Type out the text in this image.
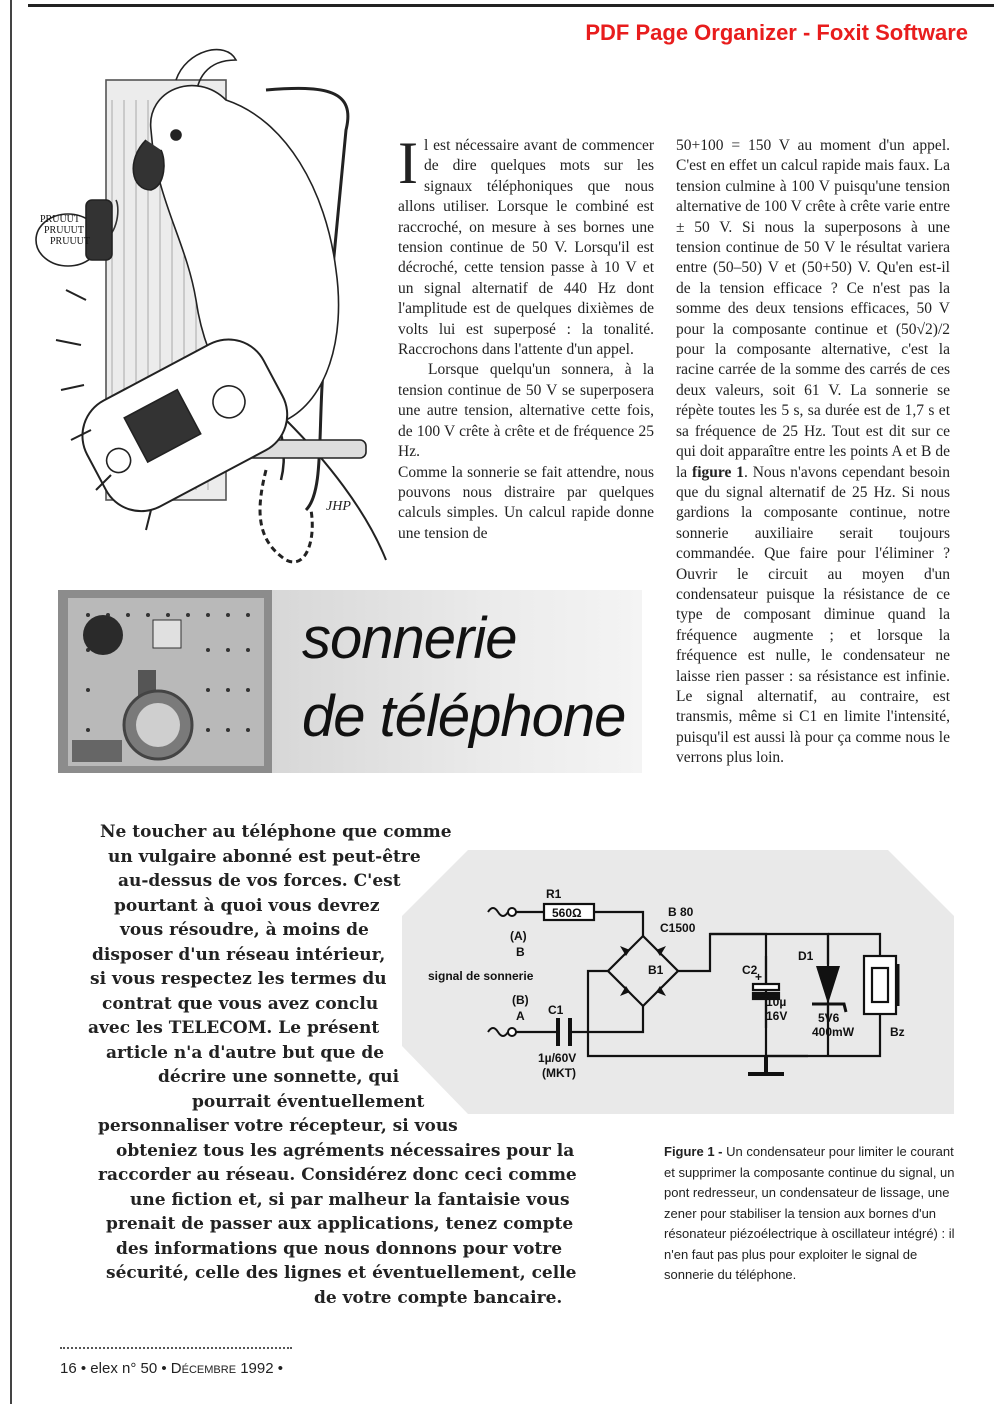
PDF Page Organizer - Foxit Software
PRUUUT
PRUUUT
PRUUUT
JHP
I l est nécessaire avant de commencer de dire quelques mots sur les signaux téléphoniques que nous allons utiliser. Lorsque le combiné est raccroché, on mesure à ses bornes une tension continue de 50 V. Lorsqu'il est décroché, cette tension passe à 10 V et un signal alternatif de 440 Hz dont l'amplitude est de quelques dixièmes de volts lui est superposé : la tonalité. Raccrochons dans l'attente d'un appel.
Lorsque quelqu'un sonnera, à la tension continue de 50 V se superposera une autre tension, alternative cette fois, de 100 V crête à crête et de fréquence 25 Hz.
Comme la sonnerie se fait attendre, nous pouvons nous distraire par quelques calculs simples. Un calcul rapide donne une tension de
50+100 = 150 V au moment d'un appel. C'est en effet un calcul rapide mais faux. La tension culmine à 100 V puisqu'une tension alternative de 100 V crête à crête varie entre ± 50 V. Si nous la superposons à une tension continue de 50 V le résultat variera entre (50–50) V et (50+50) V. Qu'en est-il de la tension efficace ? Ce n'est pas la somme des deux tensions efficaces, 50 V pour la composante continue et (50√2)/2 pour la composante alternative, c'est la racine carrée de la somme des carrés de ces deux valeurs, soit 61 V. La sonnerie se répète toutes les 5 s, sa durée est de 1,7 s et sa fréquence de 25 Hz. Tout est dit sur ce qui doit apparaître entre les points A et B de la figure 1. Nous n'avons cependant besoin que du signal alternatif de 25 Hz. Si nous gardions la composante continue, notre sonnerie auxiliaire serait toujours commandée. Que faire pour l'éliminer ? Ouvrir le circuit au moyen d'un condensateur puisque la résistance de ce type de composant diminue quand la fréquence augmente ; et lorsque la fréquence est nulle, le condensateur ne laisse rien passer : sa résistance est infinie. Le signal alternatif, au contraire, est transmis, même si C1 en limite l'intensité, puisqu'il est aussi là pour ça comme nous le verrons plus loin.
sonnerie
de téléphone
Ne toucher au téléphone que comme
un vulgaire abonné est peut-être
au-dessus de vos forces. C'est
pourtant à quoi vous devrez
vous résoudre, à moins de
disposer d'un réseau intérieur,
si vous respectez les termes du
contrat que vous avez conclu
avec les TELECOM. Le présent
article n'a d'autre but que de
décrire une sonnette, qui
pourrait éventuellement
personnaliser votre récepteur, si vous
obteniez tous les agréments nécessaires pour la
raccorder au réseau. Considérez donc ceci comme
une fiction et, si par malheur la fantaisie vous
prenait de passer aux applications, tenez compte
des informations que nous donnons pour votre
sécurité, celle des lignes et éventuellement, celle
de votre compte bancaire.
R1
560Ω
(A)
B
signal de sonnerie
(B)
A C1
1µ/60V
(MKT)
B 80
C1500
B1	C2
+
10µ
16V
D1
5V6
400mW	Bz
Figure 1 - Un condensateur pour limiter le courant et supprimer la composante continue du signal, un pont redresseur, un condensateur de lissage, une zener pour stabiliser la tension aux bornes d'un résonateur piézoélectrique à oscillateur intégré) : il n'en faut pas plus pour exploiter le signal de sonnerie du téléphone.
16 • elex n° 50 • Décembre 1992 •
